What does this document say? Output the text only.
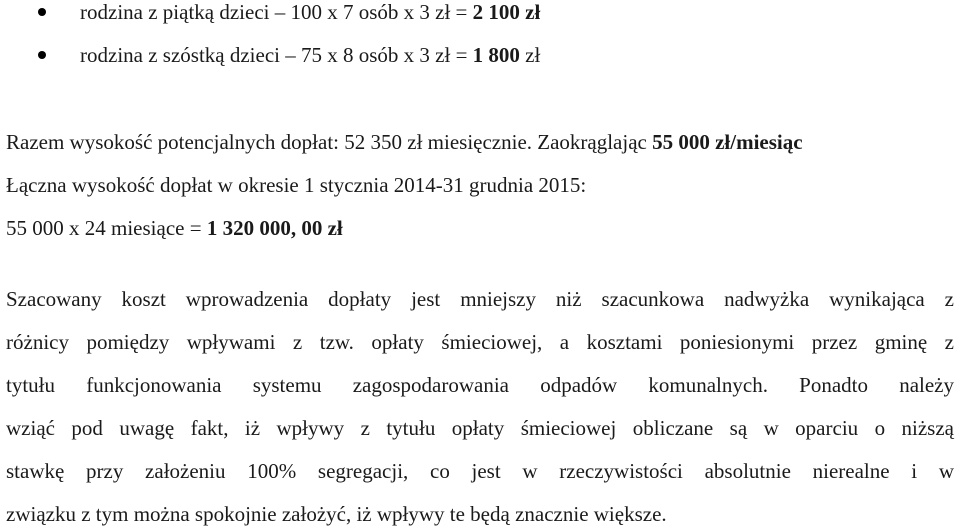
rodzina z piątką dzieci – 100 x 7 osób x 3 zł = 2 100 zł
rodzina z szóstką dzieci – 75 x 8 osób x 3 zł = 1 800 zł
Razem wysokość potencjalnych dopłat: 52 350 zł miesięcznie. Zaokrąglając 55 000 zł/miesiąc
Łączna wysokość dopłat w okresie 1 stycznia 2014-31 grudnia 2015:
55 000 x 24 miesiące = 1 320 000, 00 zł
Szacowany koszt wprowadzenia dopłaty jest mniejszy niż szacunkowa nadwyżka wynikająca z
różnicy pomiędzy wpływami z tzw. opłaty śmieciowej, a kosztami poniesionymi przez gminę z
tytułu funkcjonowania systemu zagospodarowania odpadów komunalnych. Ponadto należy
wziąć pod uwagę fakt, iż wpływy z tytułu opłaty śmieciowej obliczane są w oparciu o niższą
stawkę przy założeniu 100% segregacji, co jest w rzeczywistości absolutnie nierealne i w
związku z tym można spokojnie założyć, iż wpływy te będą znacznie większe.
